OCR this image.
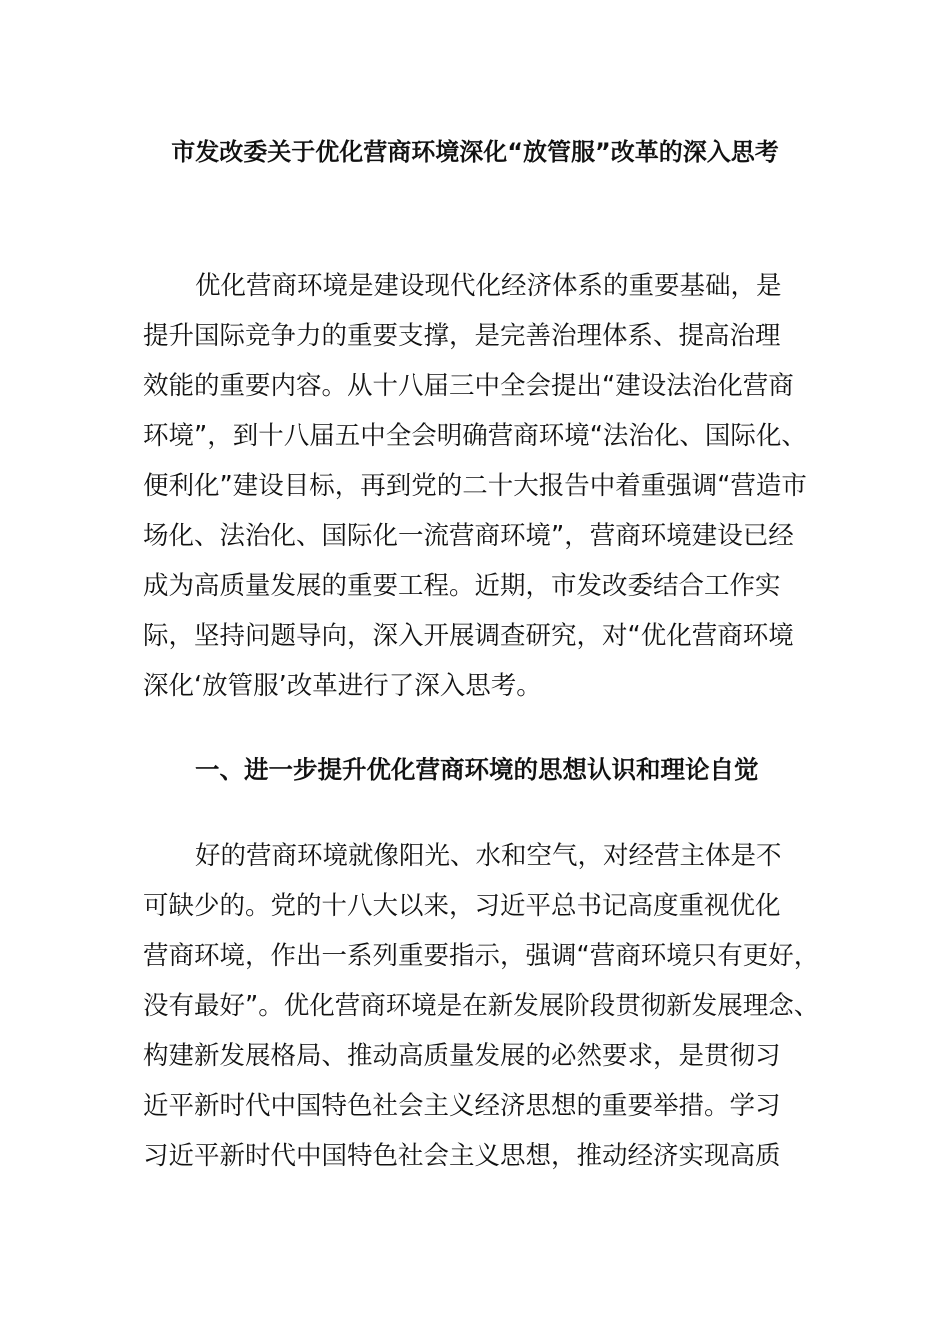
市发改委关于优化营商环境深化“放管服”改革的深入思考
优化营商环境是建设现代化经济体系的重要基础，是
提升国际竞争力的重要支撑，是完善治理体系、提高治理
效能的重要内容。从十八届三中全会提出“建设法治化营商
环境”，到十八届五中全会明确营商环境“法治化、国际化、
便利化”建设目标，再到党的二十大报告中着重强调“营造市
场化、法治化、国际化一流营商环境”，营商环境建设已经
成为高质量发展的重要工程。近期，市发改委结合工作实
际，坚持问题导向，深入开展调查研究，对“优化营商环境
深化‘放管服’改革进行了深入思考。
一、进一步提升优化营商环境的思想认识和理论自觉
好的营商环境就像阳光、水和空气，对经营主体是不
可缺少的。党的十八大以来，习近平总书记高度重视优化
营商环境，作出一系列重要指示，强调“营商环境只有更好，
没有最好”。优化营商环境是在新发展阶段贯彻新发展理念、
构建新发展格局、推动高质量发展的必然要求，是贯彻习
近平新时代中国特色社会主义经济思想的重要举措。学习
习近平新时代中国特色社会主义思想，推动经济实现高质
